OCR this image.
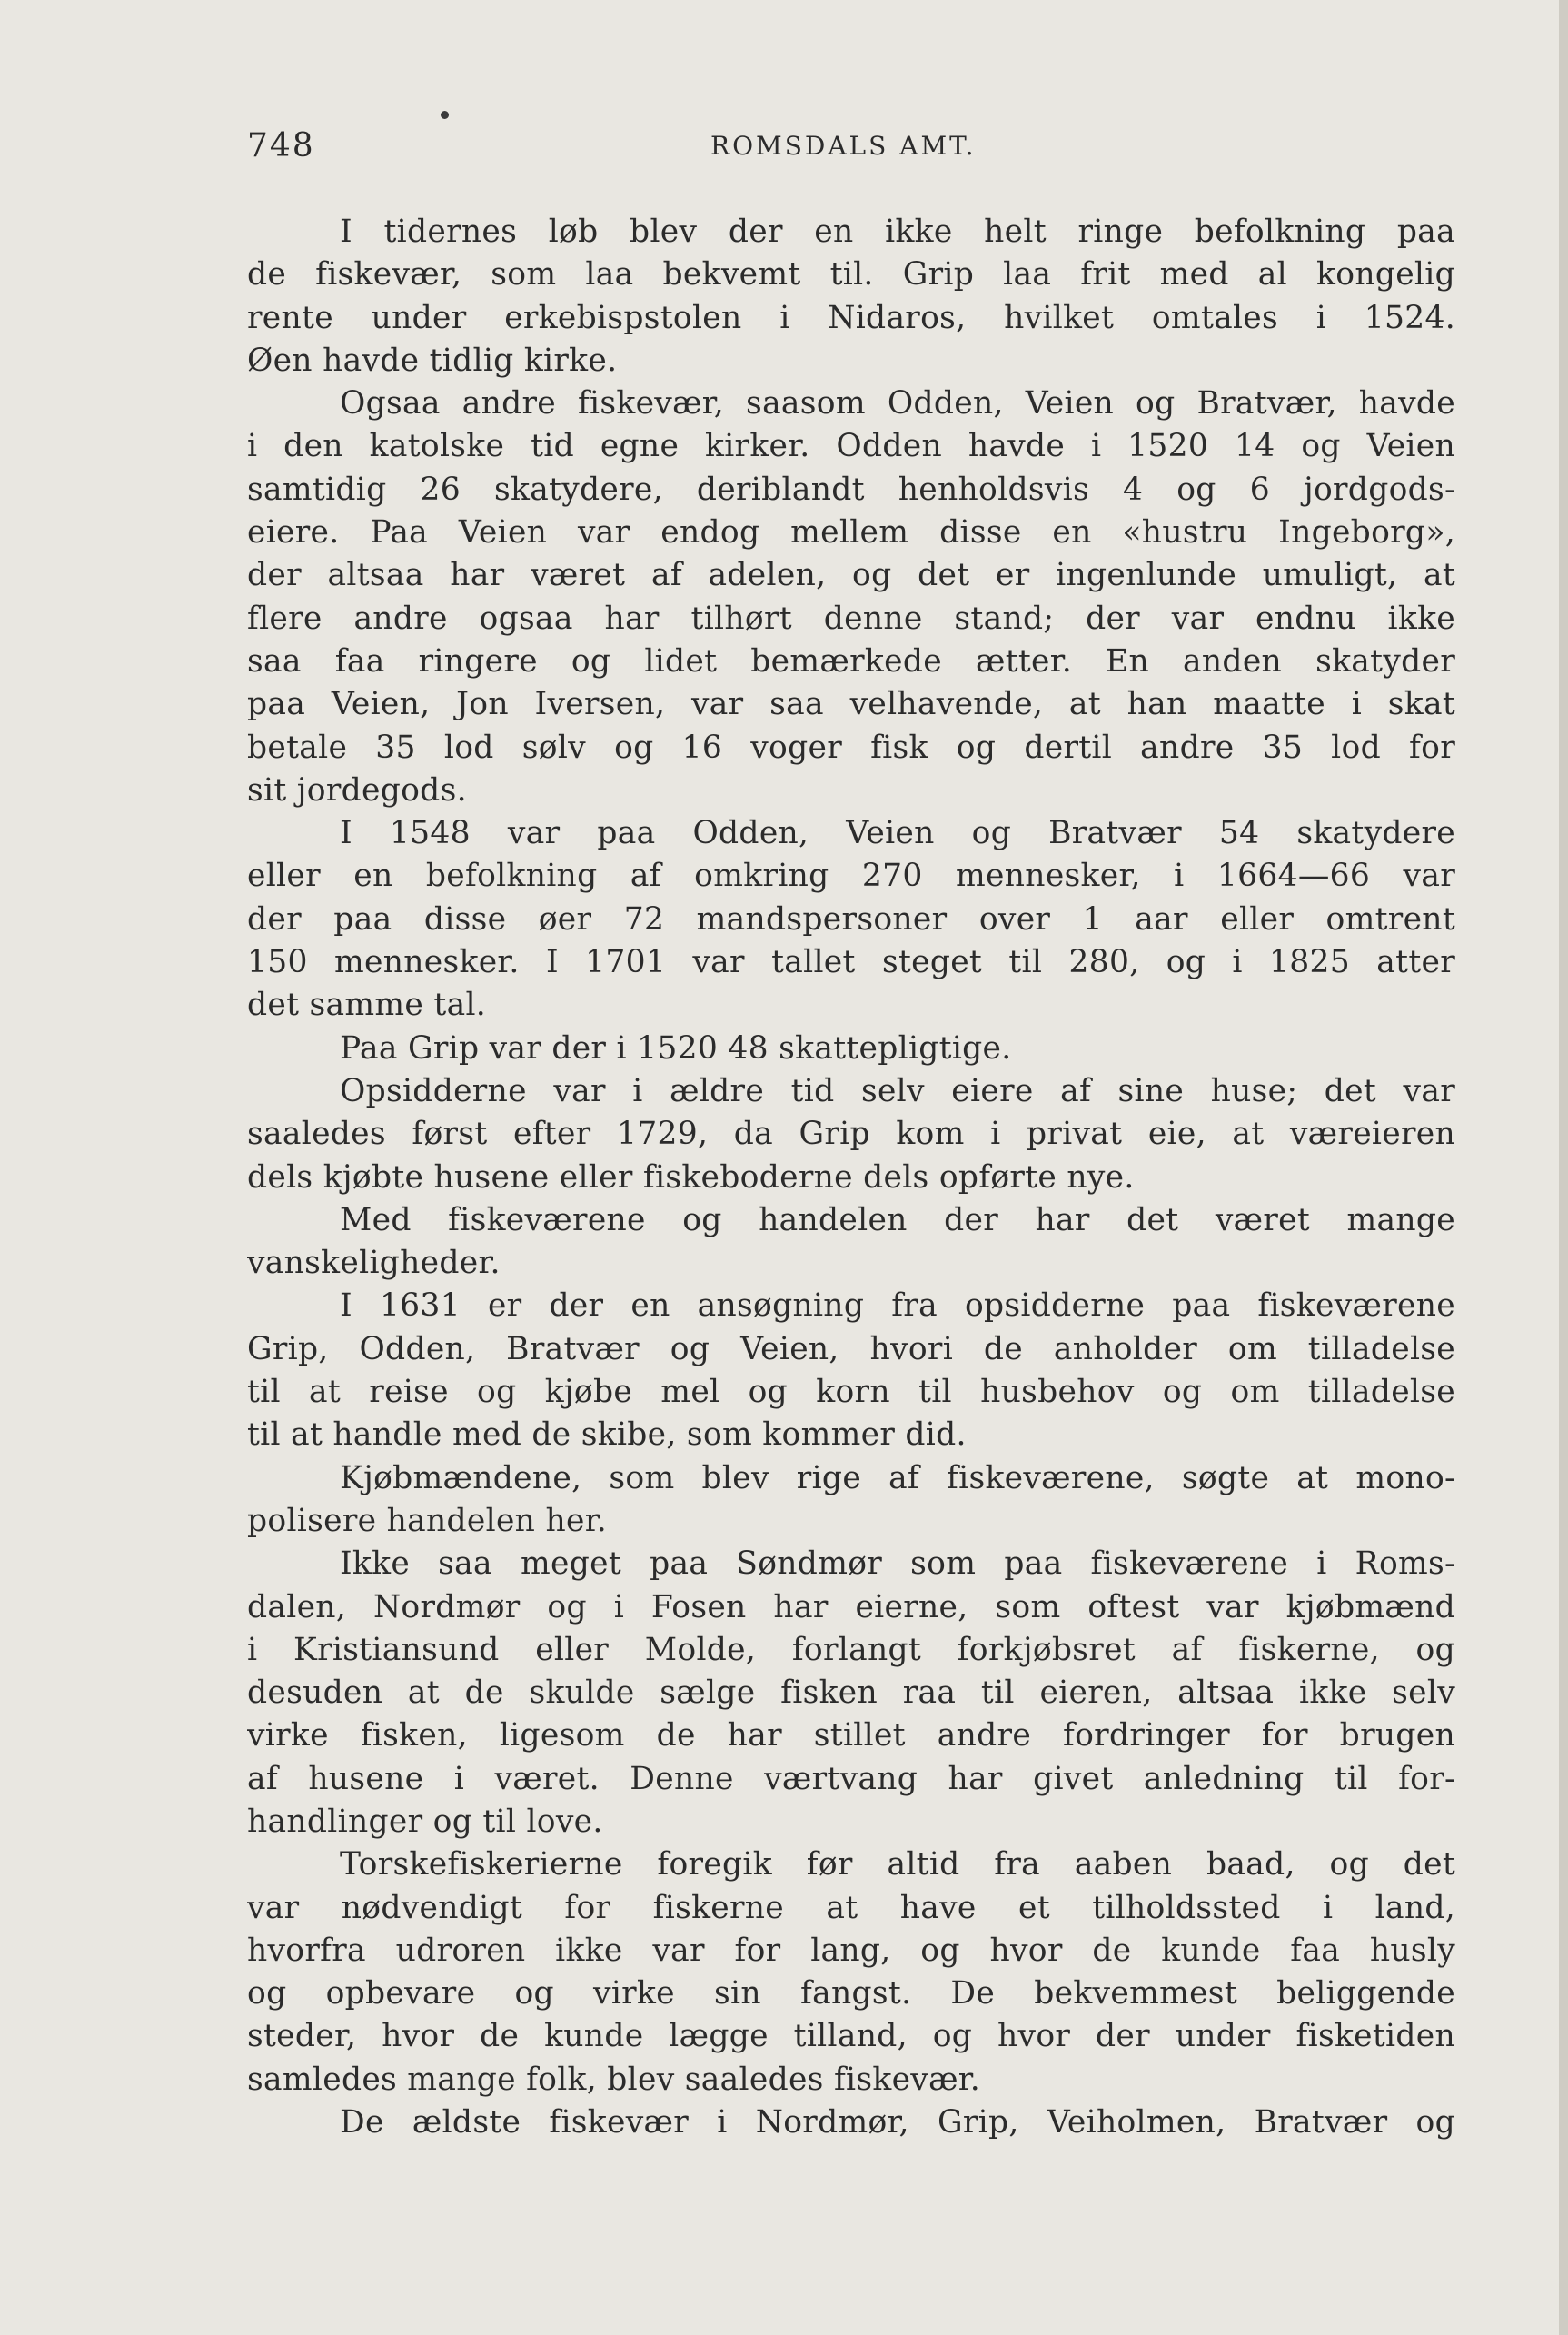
748	ROMSDALS AMT.
I tidernes løb blev der en ikke helt ringe befolkning paa
de fiskevær, som laa bekvemt til. Grip laa frit med al kongelig
rente under erkebispstolen i Nidaros, hvilket omtales i 1524.
Øen havde tidlig kirke.
Ogsaa andre fiskevær, saasom Odden, Veien og Bratvær, havde
i den katolske tid egne kirker. Odden havde i 1520 14 og Veien
samtidig 26 skatydere, deriblandt henholdsvis 4 og 6 jordgods-
eiere. Paa Veien var endog mellem disse en «hustru Ingeborg»,
der altsaa har været af adelen, og det er ingenlunde umuligt, at
flere andre ogsaa har tilhørt denne stand; der var endnu ikke
saa faa ringere og lidet bemærkede ætter. En anden skatyder
paa Veien, Jon Iversen, var saa velhavende, at han maatte i skat
betale 35 lod sølv og 16 voger fisk og dertil andre 35 lod for
sit jordegods.
I 1548 var paa Odden, Veien og Bratvær 54 skatydere
eller en befolkning af omkring 270 mennesker, i 1664—66 var
der paa disse øer 72 mandspersoner over 1 aar eller omtrent
150 mennesker. I 1701 var tallet steget til 280, og i 1825 atter
det samme tal.
Paa Grip var der i 1520 48 skattepligtige.
Opsidderne var i ældre tid selv eiere af sine huse; det var
saaledes først efter 1729, da Grip kom i privat eie, at væreieren
dels kjøbte husene eller fiskeboderne dels opførte nye.
Med fiskeværene og handelen der har det været mange
vanskeligheder.
I 1631 er der en ansøgning fra opsidderne paa fiskeværene
Grip, Odden, Bratvær og Veien, hvori de anholder om tilladelse
til at reise og kjøbe mel og korn til husbehov og om tilladelse
til at handle med de skibe, som kommer did.
Kjøbmændene, som blev rige af fiskeværene, søgte at mono-
polisere handelen her.
Ikke saa meget paa Søndmør som paa fiskeværene i Roms-
dalen, Nordmør og i Fosen har eierne, som oftest var kjøbmænd
i Kristiansund eller Molde, forlangt forkjøbsret af fiskerne, og
desuden at de skulde sælge fisken raa til eieren, altsaa ikke selv
virke fisken, ligesom de har stillet andre fordringer for brugen
af husene i været. Denne værtvang har givet anledning til for-
handlinger og til love.
Torskefiskerierne foregik før altid fra aaben baad, og det
var nødvendigt for fiskerne at have et tilholdssted i land,
hvorfra udroren ikke var for lang, og hvor de kunde faa husly
og opbevare og virke sin fangst. De bekvemmest beliggende
steder, hvor de kunde lægge tilland, og hvor der under fisketiden
samledes mange folk, blev saaledes fiskevær.
De ældste fiskevær i Nordmør, Grip, Veiholmen, Bratvær og
